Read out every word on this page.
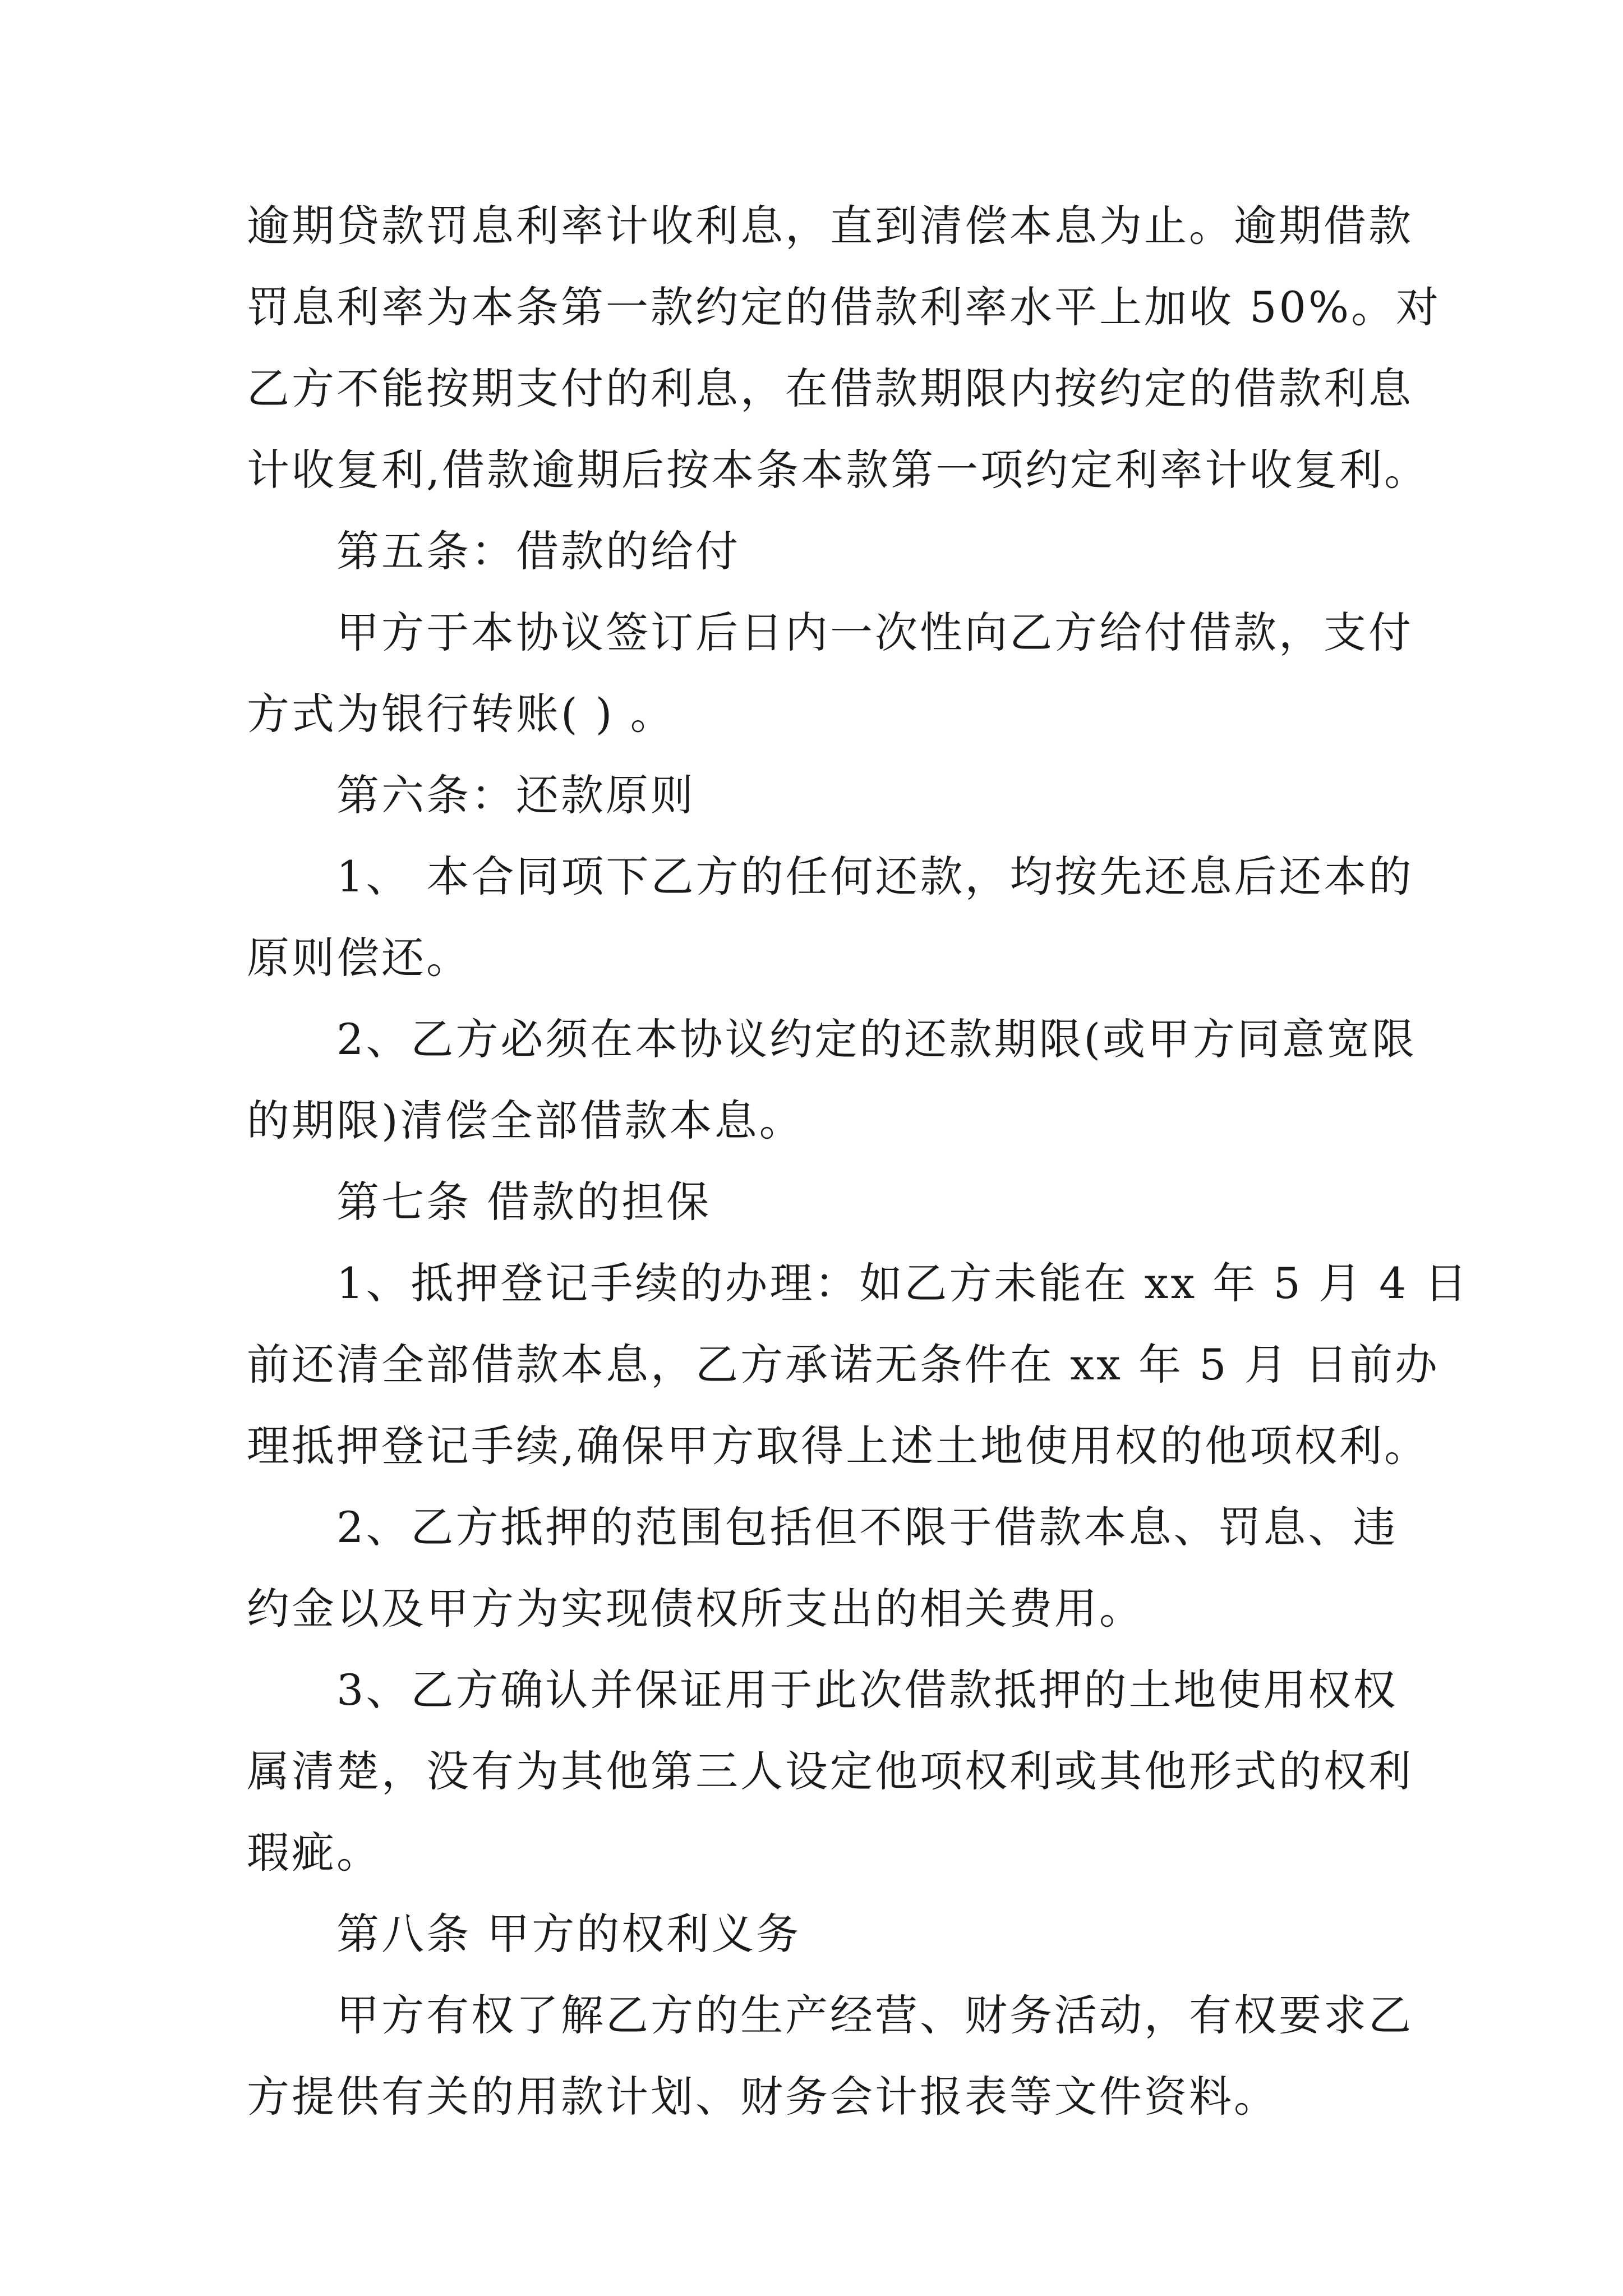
逾期贷款罚息利率计收利息，直到清偿本息为止。逾期借款
罚息利率为本条第一款约定的借款利率水平上加收 50%。对
乙方不能按期支付的利息，在借款期限内按约定的借款利息
计收复利,借款逾期后按本条本款第一项约定利率计收复利。
第五条：借款的给付
甲方于本协议签订后日内一次性向乙方给付借款，支付
方式为银行转账( ) 。
第六条：还款原则
1、 本合同项下乙方的任何还款，均按先还息后还本的
原则偿还。
2、乙方必须在本协议约定的还款期限(或甲方同意宽限
的期限)清偿全部借款本息。
第七条 借款的担保
1、抵押登记手续的办理：如乙方未能在 xx 年 5 月 4 日
前还清全部借款本息，乙方承诺无条件在 xx 年 5 月 日前办
理抵押登记手续,确保甲方取得上述土地使用权的他项权利。
2、乙方抵押的范围包括但不限于借款本息、罚息、违
约金以及甲方为实现债权所支出的相关费用。
3、乙方确认并保证用于此次借款抵押的土地使用权权
属清楚，没有为其他第三人设定他项权利或其他形式的权利
瑕疵。
第八条 甲方的权利义务
甲方有权了解乙方的生产经营、财务活动，有权要求乙
方提供有关的用款计划、财务会计报表等文件资料。
